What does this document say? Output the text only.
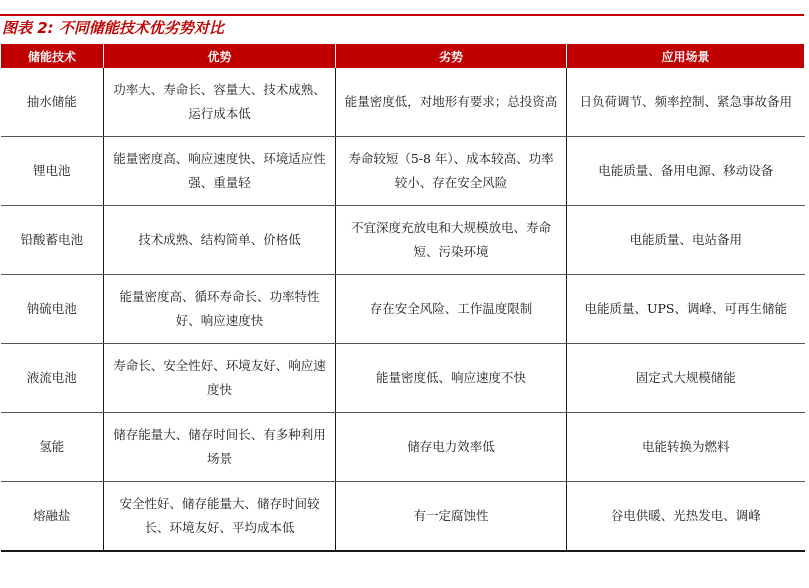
图表 2: 不同储能技术优劣势对比
储能技术	优势	劣势	应用场景
抽水储能	功率大、寿命长、容量大、技术成熟、运行成本低	能量密度低，对地形有要求；总投资高	日负荷调节、频率控制、紧急事故备用
锂电池	能量密度高、响应速度快、环境适应性强、重量轻	寿命较短（5-8 年）、成本较高、功率较小、存在安全风险	电能质量、备用电源、移动设备
铅酸蓄电池	技术成熟、结构简单、价格低	不宜深度充放电和大规模放电、寿命短、污染环境	电能质量、电站备用
钠硫电池	能量密度高、循环寿命长、功率特性好、响应速度快	存在安全风险、工作温度限制	电能质量、UPS、调峰、可再生储能
液流电池	寿命长、安全性好、环境友好、响应速度快	能量密度低、响应速度不快	固定式大规模储能
氢能	储存能量大、储存时间长、有多种利用场景	储存电力效率低	电能转换为燃料
熔融盐	安全性好、储存能量大、储存时间较长、环境友好、平均成本低	有一定腐蚀性	谷电供暖、光热发电、调峰
